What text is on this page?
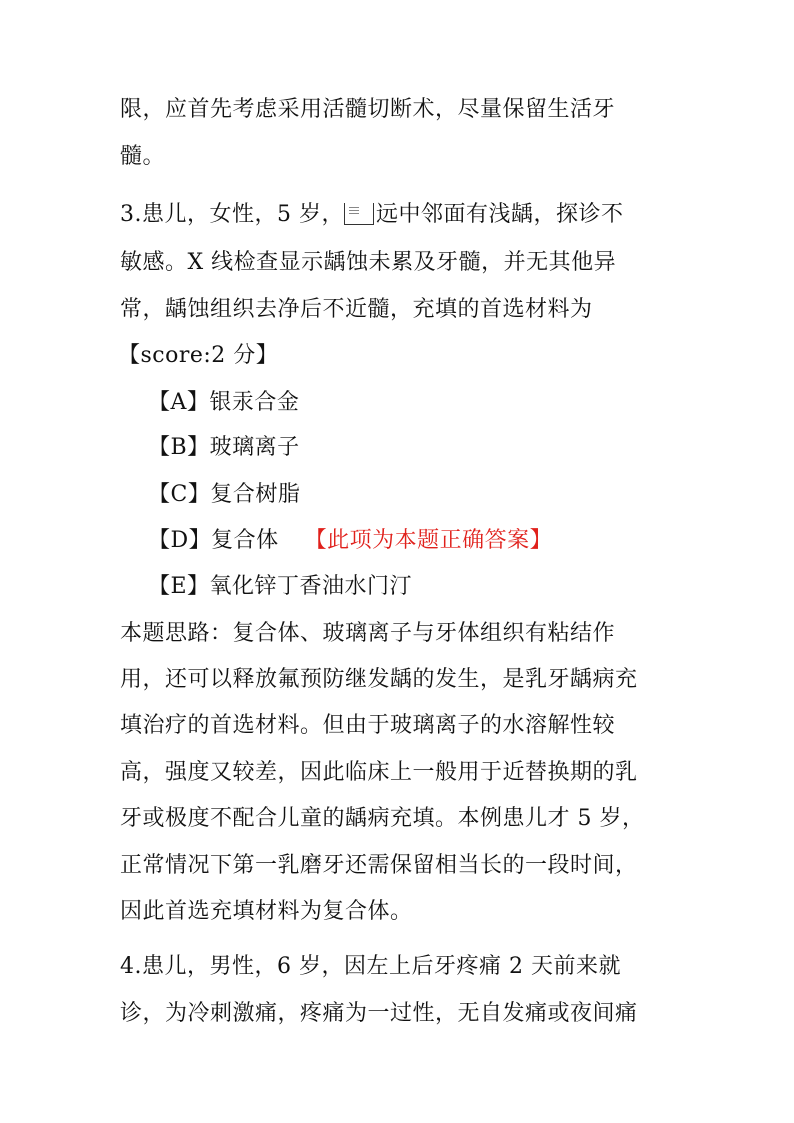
限，应首先考虑采用活髓切断术，尽量保留生活牙
髓。
3.患儿，女性，5 岁， 远中邻面有浅龋，探诊不
敏感。X 线检查显示龋蚀未累及牙髓，并无其他异
常，龋蚀组织去净后不近髓，充填的首选材料为
【score:2 分】
【A】银汞合金
【B】玻璃离子
【C】复合树脂
【D】复合体 【此项为本题正确答案】
【E】氧化锌丁香油水门汀
本题思路：复合体、玻璃离子与牙体组织有粘结作
用，还可以释放氟预防继发龋的发生，是乳牙龋病充
填治疗的首选材料。但由于玻璃离子的水溶解性较
高，强度又较差，因此临床上一般用于近替换期的乳
牙或极度不配合儿童的龋病充填。本例患儿才 5 岁，
正常情况下第一乳磨牙还需保留相当长的一段时间，
因此首选充填材料为复合体。
4.患儿，男性，6 岁，因左上后牙疼痛 2 天前来就
诊，为冷刺激痛，疼痛为一过性，无自发痛或夜间痛
